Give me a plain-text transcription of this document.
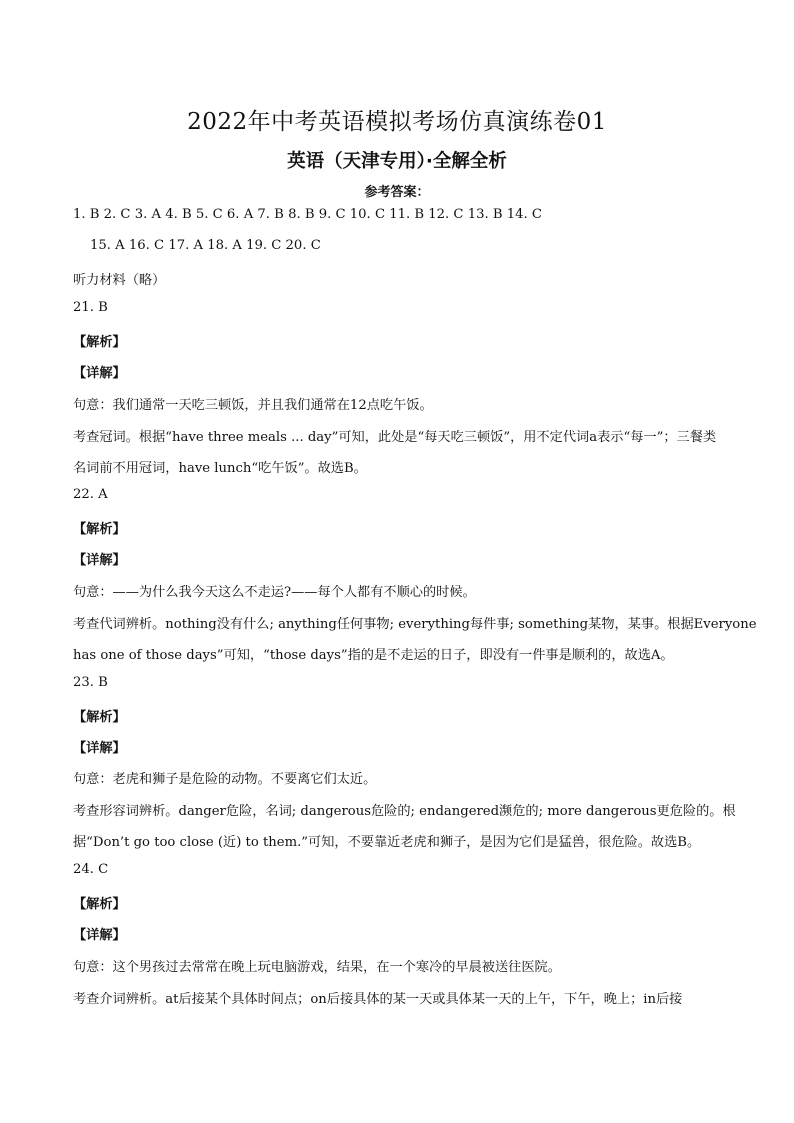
2022年中考英语模拟考场仿真演练卷01
英语（天津专用）·全解全析
参考答案：
1. B 2. C 3. A 4. B 5. C 6. A 7. B 8. B 9. C 10. C 11. B 12. C 13. B 14. C
15. A 16. C 17. A 18. A 19. C 20. C
听力材料（略）
21. B
【解析】
【详解】
句意：我们通常一天吃三顿饭，并且我们通常在12点吃午饭。
考查冠词。根据“have three meals ... day”可知，此处是“每天吃三顿饭”，用不定代词a表示“每一”；三餐类
名词前不用冠词，have lunch“吃午饭”。故选B。
22. A
【解析】
【详解】
句意：——为什么我今天这么不走运?——每个人都有不顺心的时候。
考查代词辨析。nothing没有什么; anything任何事物; everything每件事; something某物，某事。根据Everyone
has one of those days”可知，“those days”指的是不走运的日子，即没有一件事是顺利的，故选A。
23. B
【解析】
【详解】
句意：老虎和狮子是危险的动物。不要离它们太近。
考查形容词辨析。danger危险，名词; dangerous危险的; endangered濒危的; more dangerous更危险的。根
据“Don’t go too close (近) to them.”可知，不要靠近老虎和狮子，是因为它们是猛兽，很危险。故选B。
24. C
【解析】
【详解】
句意：这个男孩过去常常在晚上玩电脑游戏，结果，在一个寒冷的早晨被送往医院。
考查介词辨析。at后接某个具体时间点；on后接具体的某一天或具体某一天的上午，下午，晚上；in后接
